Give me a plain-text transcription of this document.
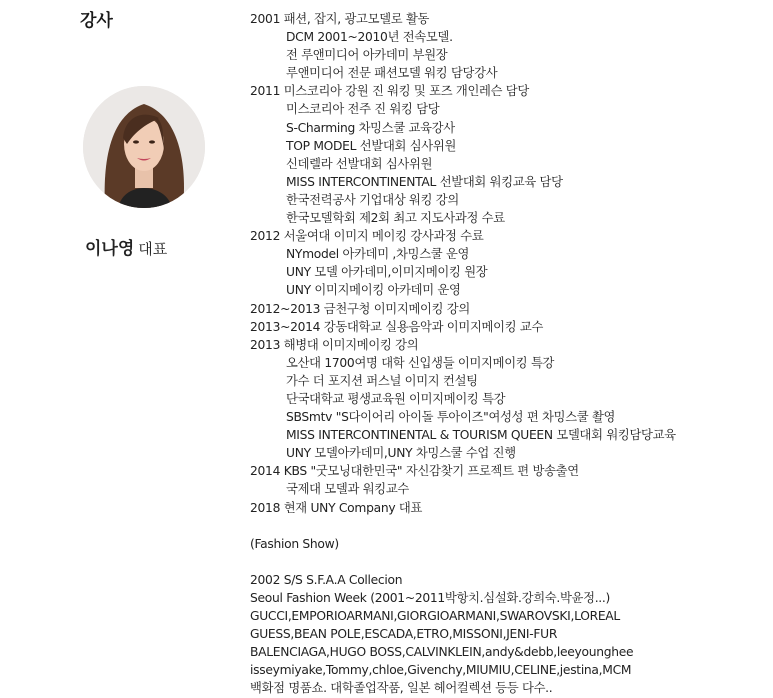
강사
이나영 대표
2001 패션, 잡지, 광고모델로 활동
DCM 2001~2010년 전속모델.
전 루앤미디어 아카데미 부원장
루앤미디어 전문 패션모델 워킹 담당강사
2011 미스코리아 강원 진 워킹 및 포즈 개인레슨 담당
미스코리아 전주 진 워킹 담당
S-Charming 차밍스쿨 교육강사
TOP MODEL 선발대회 심사위원
신데렐라 선발대회 심사위원
MISS INTERCONTINENTAL 선발대회 워킹교육 담당
한국전력공사 기업대상 워킹 강의
한국모델학회 제2회 최고 지도사과정 수료
2012 서울여대 이미지 메이킹 강사과정 수료
NYmodel 아카데미 ,차밍스쿨 운영
UNY 모델 아카데미,이미지메이킹 원장
UNY 이미지메이킹 아카데미 운영
2012~2013 금천구청 이미지메이킹 강의
2013~2014 강동대학교 실용음악과 이미지메이킹 교수
2013 해병대 이미지메이킹 강의
오산대 1700여명 대학 신입생들 이미지메이킹 특강
가수 더 포지션 퍼스널 이미지 컨설팅
단국대학교 평생교육원 이미지메이킹 특강
SBSmtv "S다이어리 아이돌 투아이즈"여성성 편 차밍스쿨 촬영
MISS INTERCONTINENTAL & TOURISM QUEEN 모델대회 워킹담당교육
UNY 모델아카데미,UNY 차밍스쿨 수업 진행
2014 KBS "굿모닝대한민국" 자신감찾기 프로젝트 편 방송출연
국제대 모델과 워킹교수
2018 현재 UNY Company 대표
(Fashion Show)
2002 S/S S.F.A.A Collecion
Seoul Fashion Week (2001~2011박항치.심설화.강희숙.박윤정...)
GUCCI,EMPORIOARMANI,GIORGIOARMANI,SWAROVSKI,LOREAL
GUESS,BEAN POLE,ESCADA,ETRO,MISSONI,JENI-FUR
BALENCIAGA,HUGO BOSS,CALVINKLEIN,andy&debb,leeyounghee
isseymiyake,Tommy,chloe,Givenchy,MIUMIU,CELINE,jestina,MCM
백화점 명품쇼. 대학졸업작품, 일본 헤어컬렉션 등등 다수..
